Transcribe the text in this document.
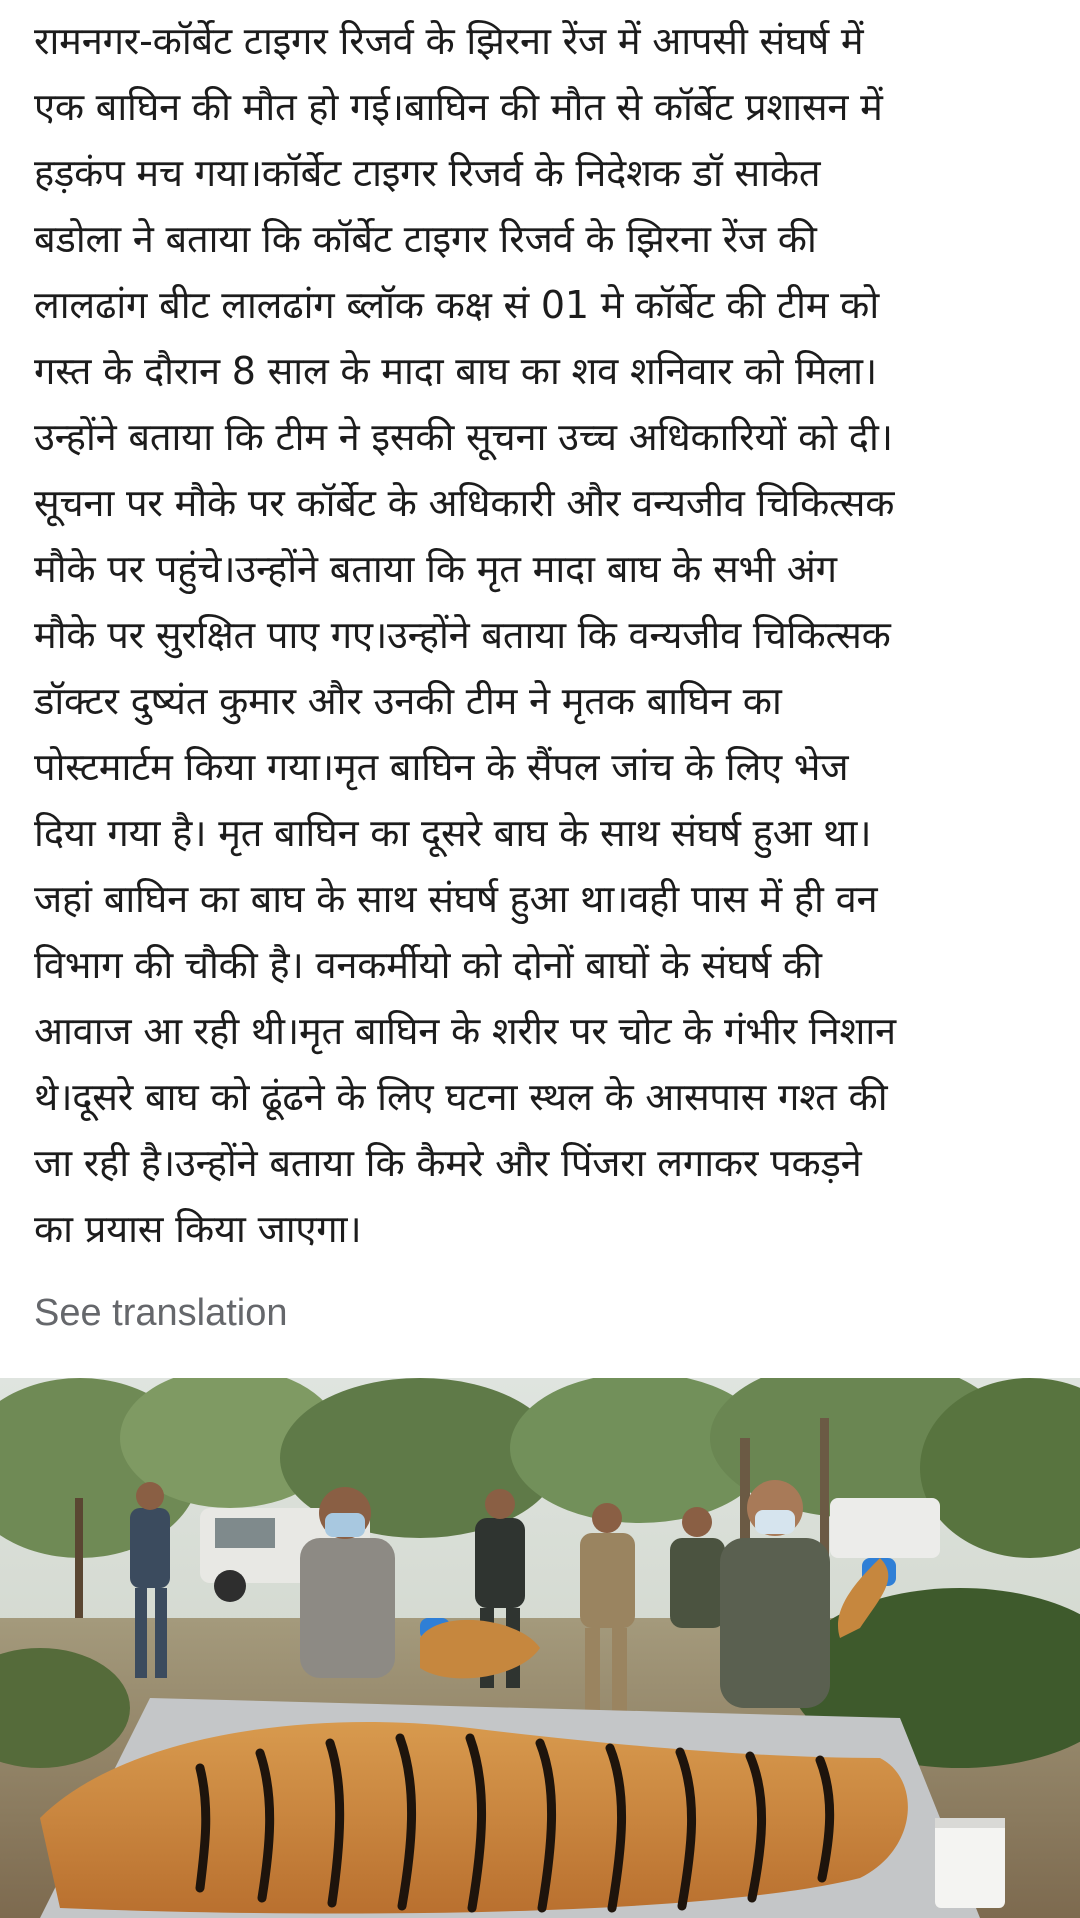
रामनगर-कॉर्बेट टाइगर रिजर्व के झिरना रेंज में आपसी संघर्ष में
एक बाघिन की मौत हो गई।बाघिन की मौत से कॉर्बेट प्रशासन में
हड़कंप मच गया।कॉर्बेट टाइगर रिजर्व के निदेशक डॉ साकेत
बडोला ने बताया कि कॉर्बेट टाइगर रिजर्व के झिरना रेंज की
लालढांग बीट लालढांग ब्लॉक कक्ष सं 01 मे कॉर्बेट की टीम को
गस्त के दौरान 8 साल के मादा बाघ का शव शनिवार को मिला।
उन्होंने बताया कि टीम ने इसकी सूचना उच्च अधिकारियों को दी।
सूचना पर मौके पर कॉर्बेट के अधिकारी और वन्यजीव चिकित्सक
मौके पर पहुंचे।उन्होंने बताया कि मृत मादा बाघ के सभी अंग
मौके पर सुरक्षित पाए गए।उन्होंने बताया कि वन्यजीव चिकित्सक
डॉक्टर दुष्यंत कुमार और उनकी टीम ने मृतक बाघिन का
पोस्टमार्टम किया गया।मृत बाघिन के सैंपल जांच के लिए भेज
दिया गया है। मृत बाघिन का दूसरे बाघ के साथ संघर्ष हुआ था।
जहां बाघिन का बाघ के साथ संघर्ष हुआ था।वही पास में ही वन
विभाग की चौकी है। वनकर्मीयो को दोनों बाघों के संघर्ष की
आवाज आ रही थी।मृत बाघिन के शरीर पर चोट के गंभीर निशान
थे।दूसरे बाघ को ढूंढने के लिए घटना स्थल के आसपास गश्त की
जा रही है।उन्होंने बताया कि कैमरे और पिंजरा लगाकर पकड़ने
का प्रयास किया जाएगा।
See translation
